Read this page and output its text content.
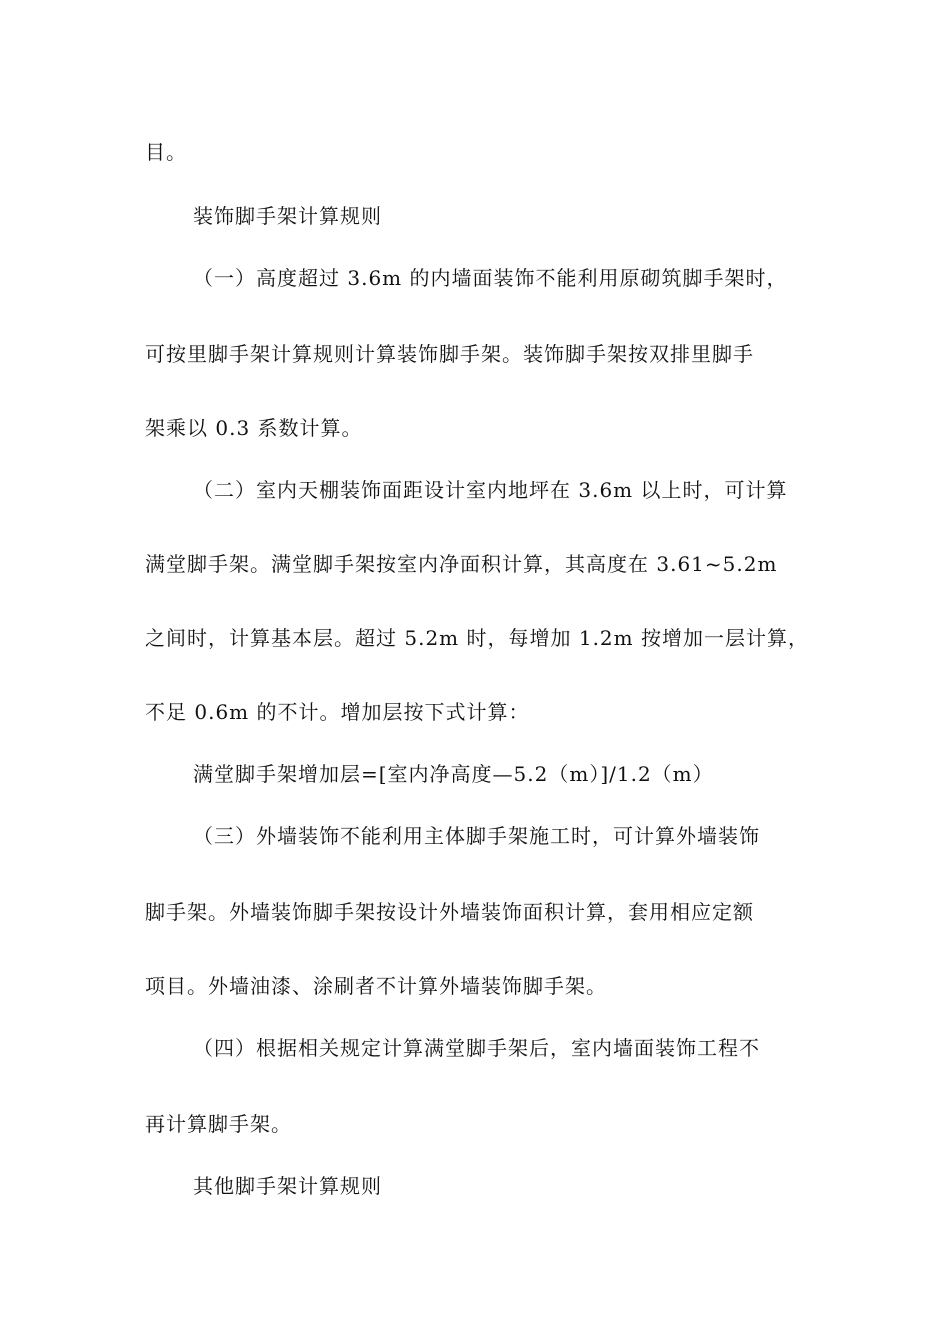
目。
装饰脚手架计算规则
（一）高度超过 3.6m 的内墙面装饰不能利用原砌筑脚手架时，
可按里脚手架计算规则计算装饰脚手架。装饰脚手架按双排里脚手
架乘以 0.3 系数计算。
（二）室内天棚装饰面距设计室内地坪在 3.6m 以上时，可计算
满堂脚手架。满堂脚手架按室内净面积计算，其高度在 3.61~5.2m
之间时，计算基本层。超过 5.2m 时，每增加 1.2m 按增加一层计算，
不足 0.6m 的不计。增加层按下式计算：
满堂脚手架增加层=[室内净高度—5.2（m）]/1.2（m）
（三）外墙装饰不能利用主体脚手架施工时，可计算外墙装饰
脚手架。外墙装饰脚手架按设计外墙装饰面积计算，套用相应定额
项目。外墙油漆、涂刷者不计算外墙装饰脚手架。
（四）根据相关规定计算满堂脚手架后，室内墙面装饰工程不
再计算脚手架。
其他脚手架计算规则
